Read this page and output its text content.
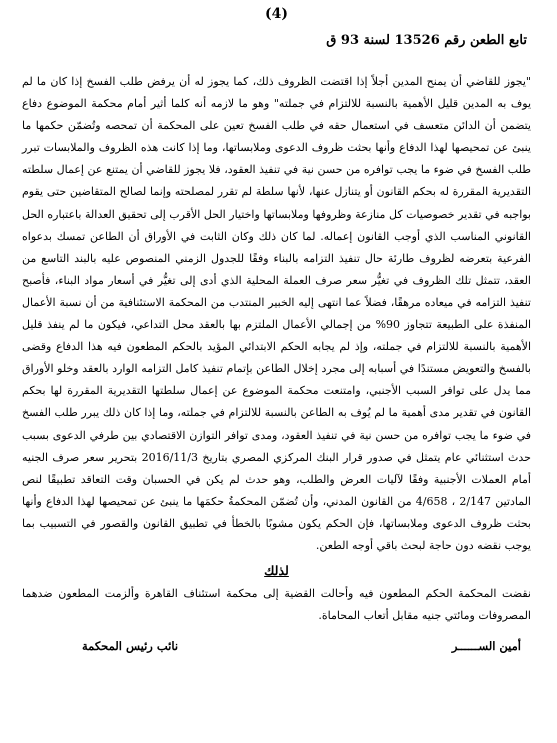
(4)
تابع الطعن رقم 13526 لسنة 93 ق

"يجوز للقاضي أن يمنح المدين أجلاً إذا اقتضت الظروف ذلك، كما يجوز له أن يرفض طلب الفسخ إذا كان ما لم يوف به المدين قليل الأهمية بالنسبة للالتزام في جملته" وهو ما لازمه أنه كلما أثير أمام محكمة الموضوع دفاع يتضمن أن الدائن متعسف في استعمال حقه في طلب الفسخ تعين على المحكمة أن تمحصه وتُضمّن حكمها ما ينبئ عن تمحيصها لهذا الدفاع وأنها بحثت ظروف الدعوى وملابساتها، وما إذا كانت هذه الظروف والملابسات تبرر طلب الفسخ في ضوء ما يجب توافره من حسن نية في تنفيذ العقود، فلا يجوز للقاضي أن يمتنع عن إعمال سلطته التقديرية المقررة له بحكم القانون أو يتنازل عنها، لأنها سلطة لم تقرر لمصلحته وإنما لصالح المتقاضين حتى يقوم بواجبه في تقدير خصوصيات كل منازعة وظروفها وملابساتها واختيار الحل الأقرب إلى تحقيق العدالة باعتباره الحل القانوني المناسب الذي أوجب القانون إعماله. لما كان ذلك وكان الثابت في الأوراق أن الطاعن تمسك بدعواه الفرعية بتعرضه لظروف طارئة حال تنفيذ التزامه بالبناء وفقًا للجدول الزمني المنصوص عليه بالبند التاسع من العقد، تتمثل تلك الظروف في تغيُّر سعر صرف العملة المحلية الذي أدى إلى تغيُّر في أسعار مواد البناء، فأصبح تنفيذ التزامه في ميعاده مرهقًا، فضلاً عما انتهى إليه الخبير المنتدب من المحكمة الاستئنافية من أن نسبة الأعمال المنفذة على الطبيعة تتجاوز 90% من إجمالي الأعمال الملتزم بها بالعقد محل التداعي، فيكون ما لم ينفذ قليل الأهمية بالنسبة للالتزام في جملته، وإذ لم يجابه الحكم الابتدائي المؤيد بالحكم المطعون فيه هذا الدفاع وقضى بالفسخ والتعويض مستندًا في أسبابه إلى مجرد إخلال الطاعن بإتمام تنفيذ كامل التزامه الوارد بالعقد وخلو الأوراق مما يدل على توافر السبب الأجنبي، وامتنعت محكمة الموضوع عن إعمال سلطتها التقديرية المقررة لها بحكم القانون في تقدير مدى أهمية ما لم يُوف به الطاعن بالنسبة للالتزام في جملته، وما إذا كان ذلك يبرر طلب الفسخ في ضوء ما يجب توافره من حسن نية في تنفيذ العقود، ومدى توافر التوازن الاقتصادي بين طرفي الدعوى بسبب حدث استثنائي عام يتمثل في صدور قرار البنك المركزي المصري بتاريخ 2016/11/3 بتحرير سعر صرف الجنيه أمام العملات الأجنبية وفقًا لآليات العرض والطلب، وهو حدث لم يكن في الحسبان وقت التعاقد تطبيقًا لنص المادتين 2/147 ، 4/658 من القانون المدني، وأن تُضمّن المحكمةُ حكمَها ما ينبئ عن تمحيصها لهذا الدفاع وأنها بحثت ظروف الدعوى وملابساتها، فإن الحكم يكون مشوبًا بالخطأ في تطبيق القانون والقصور في التسبيب بما يوجب نقضه دون حاجة لبحث باقي أوجه الطعن.

لذلك

نقضت المحكمة الحكم المطعون فيه وأحالت القضية إلى محكمة استئناف القاهرة وألزمت المطعون ضدهما المصروفات ومائتي جنيه مقابل أتعاب المحاماة.

أمين الســــــر
نائب رئيس المحكمة
